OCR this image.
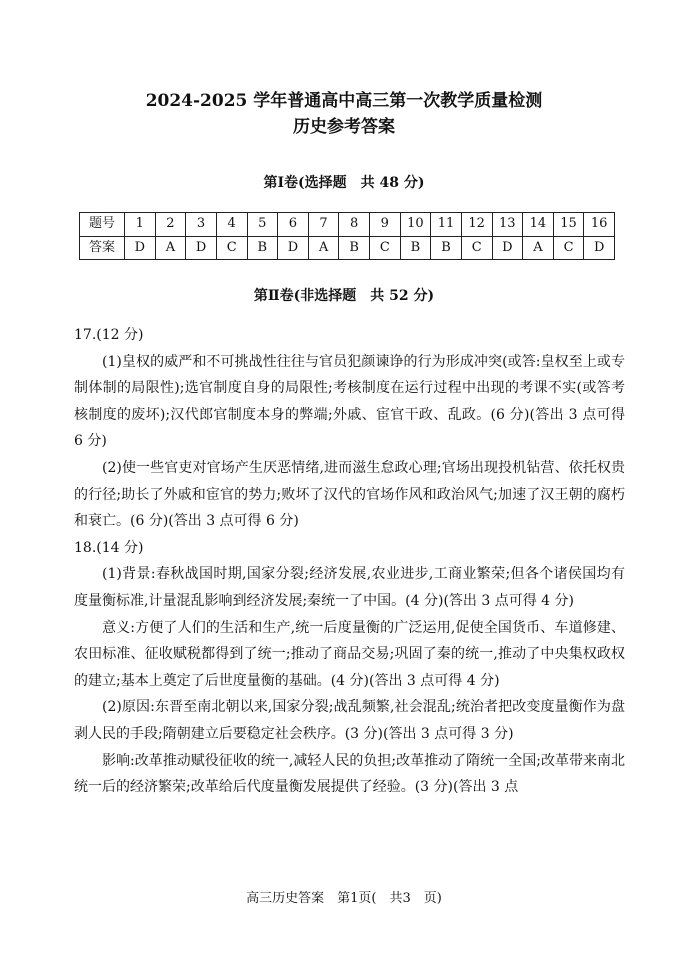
2024-2025 学年普通高中高三第一次教学质量检测
历史参考答案
第Ⅰ卷(选择题　共 48 分)
题号	1	2	3	4	5	6	7	8	9	10	11	12	13	14	15	16
答案	D	A	D	C	B	D	A	B	C	B	B	C	D	A	C	D
第Ⅱ卷(非选择题　共 52 分)

17.(12 分)

(1)皇权的威严和不可挑战性往往与官员犯颜谏诤的行为形成冲突(或答:皇权至上或专制体制的局限性);选官制度自身的局限性;考核制度在运行过程中出现的考课不实(或答考核制度的废坏);汉代郎官制度本身的弊端;外戚、宦官干政、乱政。(6 分)(答出 3 点可得 6 分)

(2)使一些官吏对官场产生厌恶情绪,进而滋生怠政心理;官场出现投机钻营、依托权贵的行径;助长了外戚和宦官的势力;败坏了汉代的官场作风和政治风气;加速了汉王朝的腐朽和衰亡。(6 分)(答出 3 点可得 6 分)

18.(14 分)

(1)背景:春秋战国时期,国家分裂;经济发展,农业进步,工商业繁荣;但各个诸侯国均有度量衡标准,计量混乱影响到经济发展;秦统一了中国。(4 分)(答出 3 点可得 4 分)

意义:方便了人们的生活和生产,统一后度量衡的广泛运用,促使全国货币、车道修建、农田标准、征收赋税都得到了统一;推动了商品交易;巩固了秦的统一,推动了中央集权政权的建立;基本上奠定了后世度量衡的基础。(4 分)(答出 3 点可得 4 分)

(2)原因:东晋至南北朝以来,国家分裂;战乱频繁,社会混乱;统治者把改变度量衡作为盘剥人民的手段;隋朝建立后要稳定社会秩序。(3 分)(答出 3 点可得 3 分)

影响:改革推动赋役征收的统一,减轻人民的负担;改革推动了隋统一全国;改革带来南北统一后的经济繁荣;改革给后代度量衡发展提供了经验。(3 分)(答出 3 点

高三历史答案　第1页(　共3　页)
